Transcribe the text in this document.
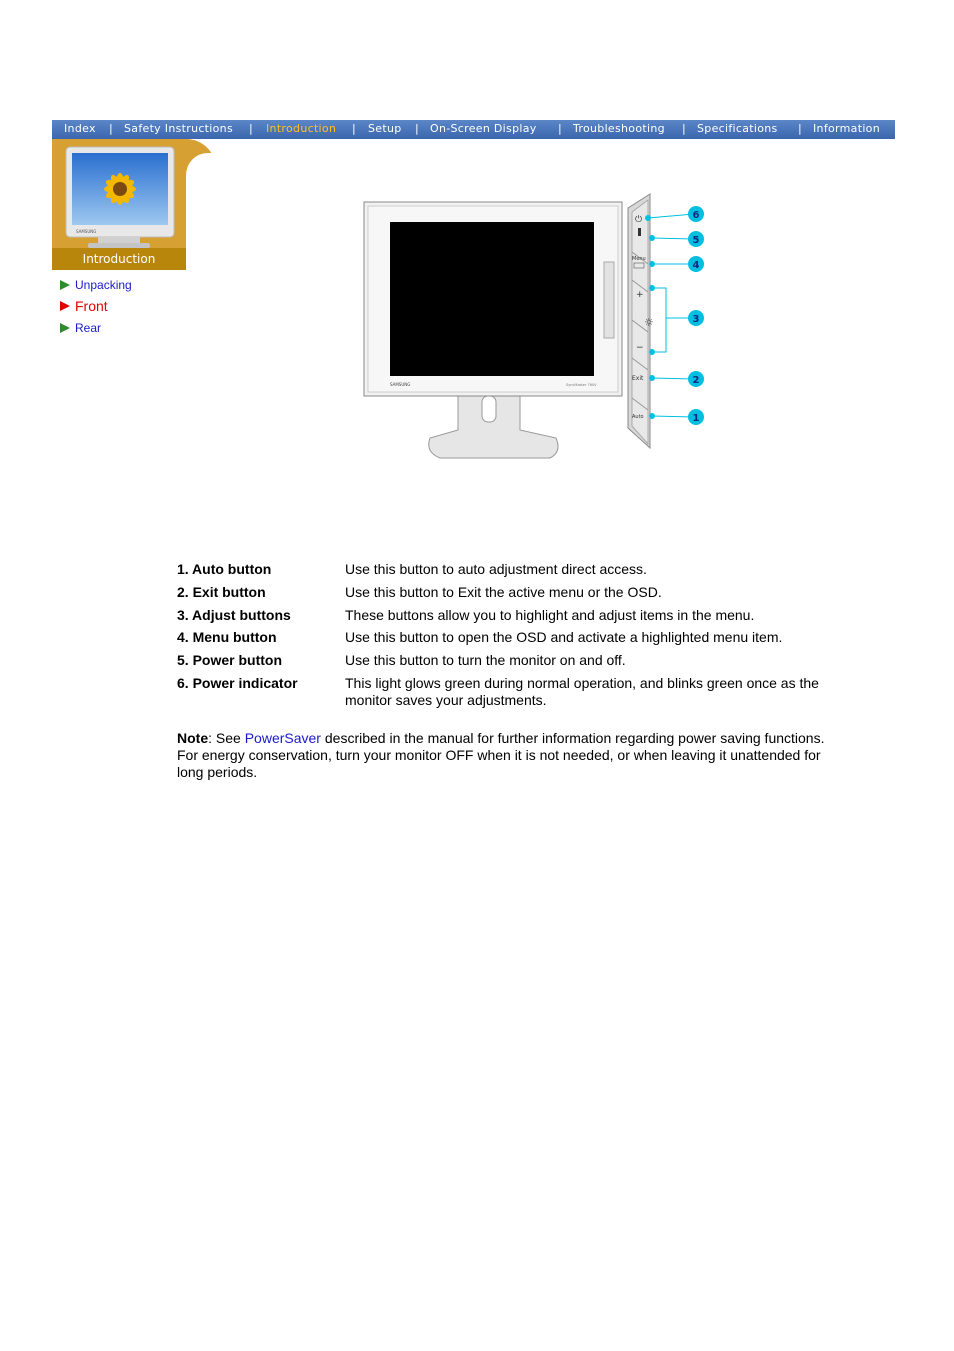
Index | Safety Instructions | Introduction | Setup | On-Screen Display | Troubleshooting | Specifications | Information
SAMSUNG
Introduction
Unpacking
Front
Rear
SAMSUNG	SyncMaster 760V
⏻
Menu
+
☼
−
Exit
Auto
6
5
4
3
2
1
1. Auto button	Use this button to auto adjustment direct access.
2. Exit button	Use this button to Exit the active menu or the OSD.
3. Adjust buttons	These buttons allow you to highlight and adjust items in the menu.
4. Menu button	Use this button to open the OSD and activate a highlighted menu item.
5. Power button	Use this button to turn the monitor on and off.
6. Power indicator	This light glows green during normal operation, and blinks green once as the monitor saves your adjustments.
Note: See PowerSaver described in the manual for further information regarding power saving functions. For energy conservation, turn your monitor OFF when it is not needed, or when leaving it unattended for long periods.
